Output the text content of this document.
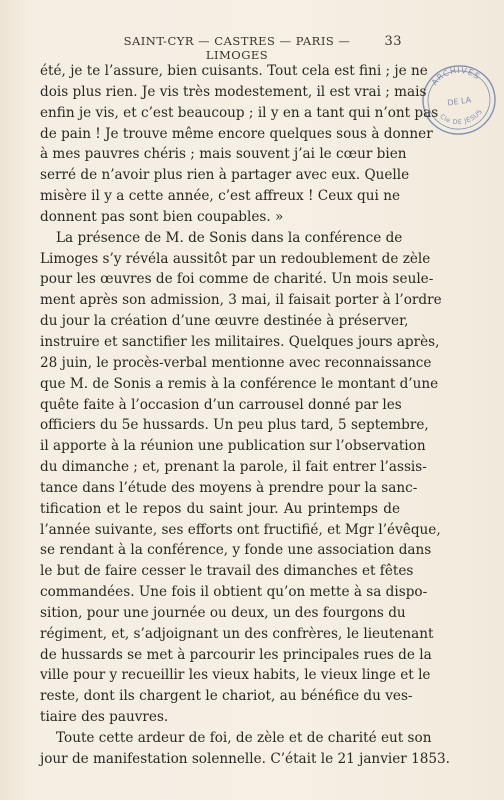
SAINT-CYR — CASTRES — PARIS — LIMOGES
33
ARCHIVES
DE LA
Cie DE JÉSUS
été, je te l’assure, bien cuisants. Tout cela est fini ; je ne
dois plus rien. Je vis très modestement, il est vrai ; mais
enfin je vis, et c’est beaucoup ; il y en a tant qui n’ont pas
de pain ! Je trouve même encore quelques sous à donner
à mes pauvres chéris ; mais souvent j’ai le cœur bien
serré de n’avoir plus rien à partager avec eux. Quelle
misère il y a cette année, c’est affreux ! Ceux qui ne
donnent pas sont bien coupables. »
La présence de M. de Sonis dans la conférence de
Limoges s’y révéla aussitôt par un redoublement de zèle
pour les œuvres de foi comme de charité. Un mois seule-
ment après son admission, 3 mai, il faisait porter à l’ordre
du jour la création d’une œuvre destinée à préserver,
instruire et sanctifier les militaires. Quelques jours après,
28 juin, le procès-verbal mentionne avec reconnaissance
que M. de Sonis a remis à la conférence le montant d’une
quête faite à l’occasion d’un carrousel donné par les
officiers du 5e hussards. Un peu plus tard, 5 septembre,
il apporte à la réunion une publication sur l’observation
du dimanche ; et, prenant la parole, il fait entrer l’assis-
tance dans l’étude des moyens à prendre pour la sanc-
tification et le repos du saint jour. Au printemps de
l’année suivante, ses efforts ont fructifié, et Mgr l’évêque,
se rendant à la conférence, y fonde une association dans
le but de faire cesser le travail des dimanches et fêtes
commandées. Une fois il obtient qu’on mette à sa dispo-
sition, pour une journée ou deux, un des fourgons du
régiment, et, s’adjoignant un des confrères, le lieutenant
de hussards se met à parcourir les principales rues de la
ville pour y recueillir les vieux habits, le vieux linge et le
reste, dont ils chargent le chariot, au bénéfice du ves-
tiaire des pauvres.
Toute cette ardeur de foi, de zèle et de charité eut son
jour de manifestation solennelle. C’était le 21 janvier 1853.
